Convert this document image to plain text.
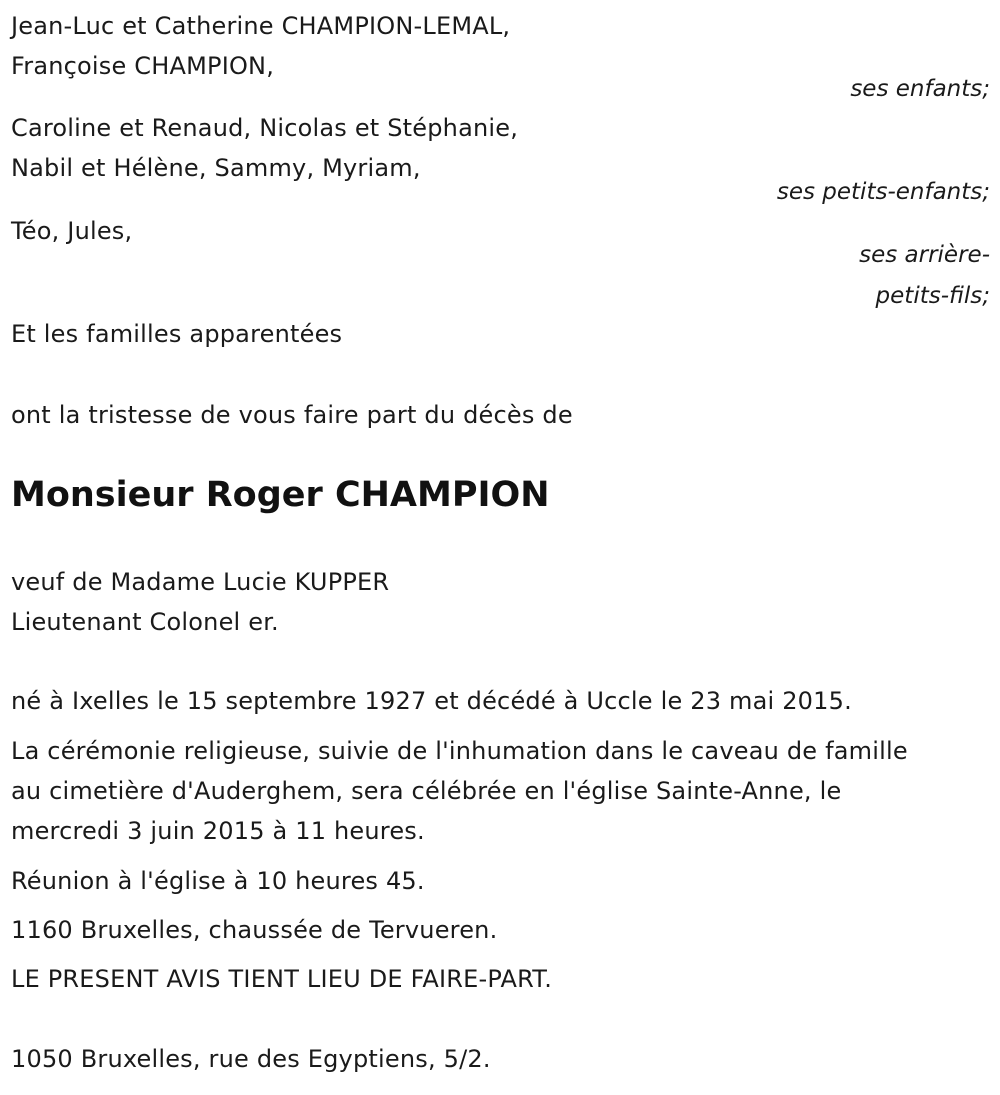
Jean-Luc et Catherine CHAMPION-LEMAL,
Françoise CHAMPION,
ses enfants;
Caroline et Renaud, Nicolas et Stéphanie,
Nabil et Hélène, Sammy, Myriam,
ses petits-enfants;
Téo, Jules,
ses arrière-
petits-fils;
Et les familles apparentées
ont la tristesse de vous faire part du décès de
Monsieur Roger CHAMPION
veuf de Madame Lucie KUPPER
Lieutenant Colonel er.
né à Ixelles le 15 septembre 1927 et décédé à Uccle le 23 mai 2015.
La cérémonie religieuse, suivie de l'inhumation dans le caveau de famille
au cimetière d'Auderghem, sera célébrée en l'église Sainte-Anne, le
mercredi 3 juin 2015 à 11 heures.
Réunion à l'église à 10 heures 45.
1160 Bruxelles, chaussée de Tervueren.
LE PRESENT AVIS TIENT LIEU DE FAIRE-PART.
1050 Bruxelles, rue des Egyptiens, 5/2.
